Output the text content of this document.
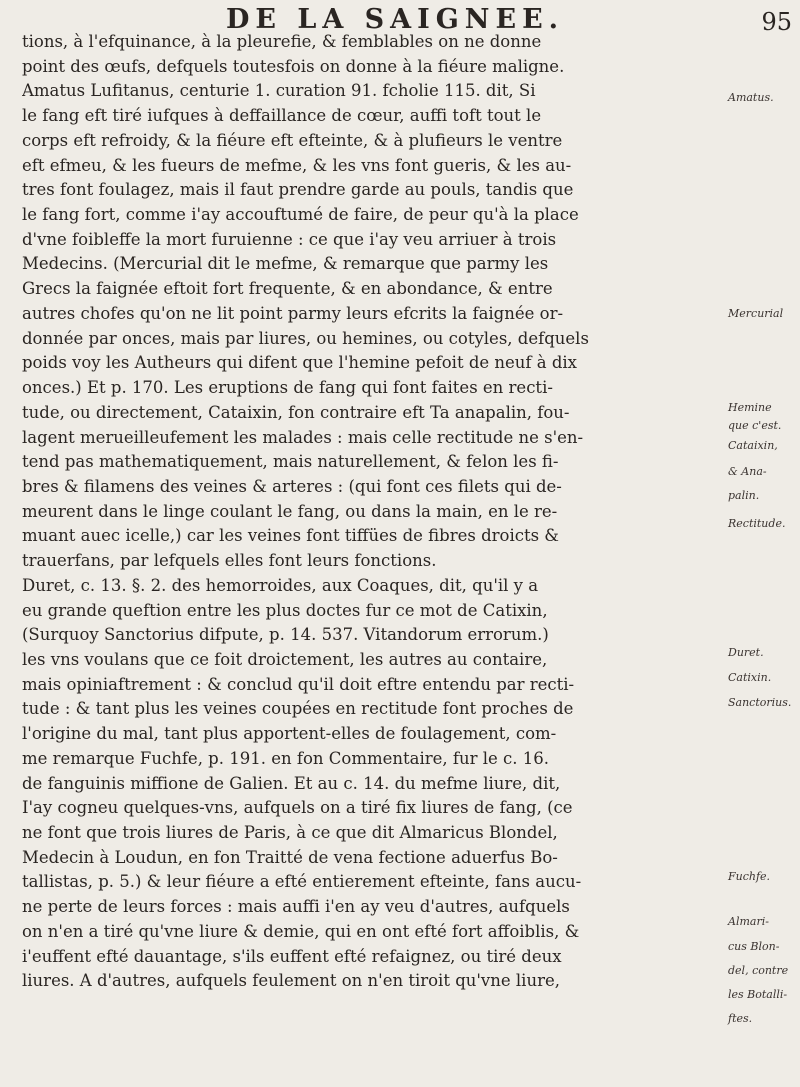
DE LA SAIGNEE.	95
tions, à l'efquinance, à la pleurefie, & femblables on ne donne
point des œufs, defquels toutesfois on donne à la fiéure maligne.
Amatus Lufitanus, centurie 1. curation 91. fcholie 115. dit, Si
le fang eft tiré iufques à deffaillance de cœur, auffi toft tout le
corps eft refroidy, & la fiéure eft efteinte, & à plufieurs le ventre
eft efmeu, & les fueurs de mefme, & les vns font gueris, & les au-
tres font foulagez, mais il faut prendre garde au pouls, tandis que
le fang fort, comme i'ay accouftumé de faire, de peur qu'à la place
d'vne foibleffe la mort furuienne : ce que i'ay veu arriuer à trois
Medecins. (Mercurial dit le mefme, & remarque que parmy les
Grecs la faignée eftoit fort frequente, & en abondance, & entre
autres chofes qu'on ne lit point parmy leurs efcrits la faignée or-
donnée par onces, mais par liures, ou hemines, ou cotyles, defquels
poids voy les Autheurs qui difent que l'hemine pefoit de neuf à dix
onces.) Et p. 170. Les eruptions de fang qui font faites en recti-
tude, ou directement, Cataixin, fon contraire eft Ta anapalin, fou-
lagent merueilleufement les malades : mais celle rectitude ne s'en-
tend pas mathematiquement, mais naturellement, & felon les fi-
bres & filamens des veines & arteres : (qui font ces filets qui de-
meurent dans le linge coulant le fang, ou dans la main, en le re-
muant auec icelle,) car les veines font tiffües de fibres droicts &
trauerfans, par lefquels elles font leurs fonctions.
Duret, c. 13. §. 2. des hemorroides, aux Coaques, dit, qu'il y a
eu grande queftion entre les plus doctes fur ce mot de Catixin,
(Surquoy Sanctorius difpute, p. 14. 537. Vitandorum errorum.)
les vns voulans que ce foit droictement, les autres au contaire,
mais opiniaftrement : & conclud qu'il doit eftre entendu par recti-
tude : & tant plus les veines coupées en rectitude font proches de
l'origine du mal, tant plus apportent-elles de foulagement, com-
me remarque Fuchfe, p. 191. en fon Commentaire, fur le c. 16.
de fanguinis miffione de Galien. Et au c. 14. du mefme liure, dit,
I'ay cogneu quelques-vns, aufquels on a tiré fix liures de fang, (ce
ne font que trois liures de Paris, à ce que dit Almaricus Blondel,
Medecin à Loudun, en fon Traitté de vena fectione aduerfus Bo-
tallistas, p. 5.) & leur fiéure a efté entierement efteinte, fans aucu-
ne perte de leurs forces : mais auffi i'en ay veu d'autres, aufquels
on n'en a tiré qu'vne liure & demie, qui en ont efté fort affoiblis, &
i'euffent efté dauantage, s'ils euffent efté refaignez, ou tiré deux
liures. A d'autres, aufquels feulement on n'en tiroit qu'vne liure,
Amatus.
Mercurial
Hemine
que c'est.
Cataixin,
& Ana-
palin.
Rectitude.
Duret.
Catixin.
Sanctorius.
Fuchfe.
Almari-
cus Blon-
del, contre
les Botalli-
ftes.
